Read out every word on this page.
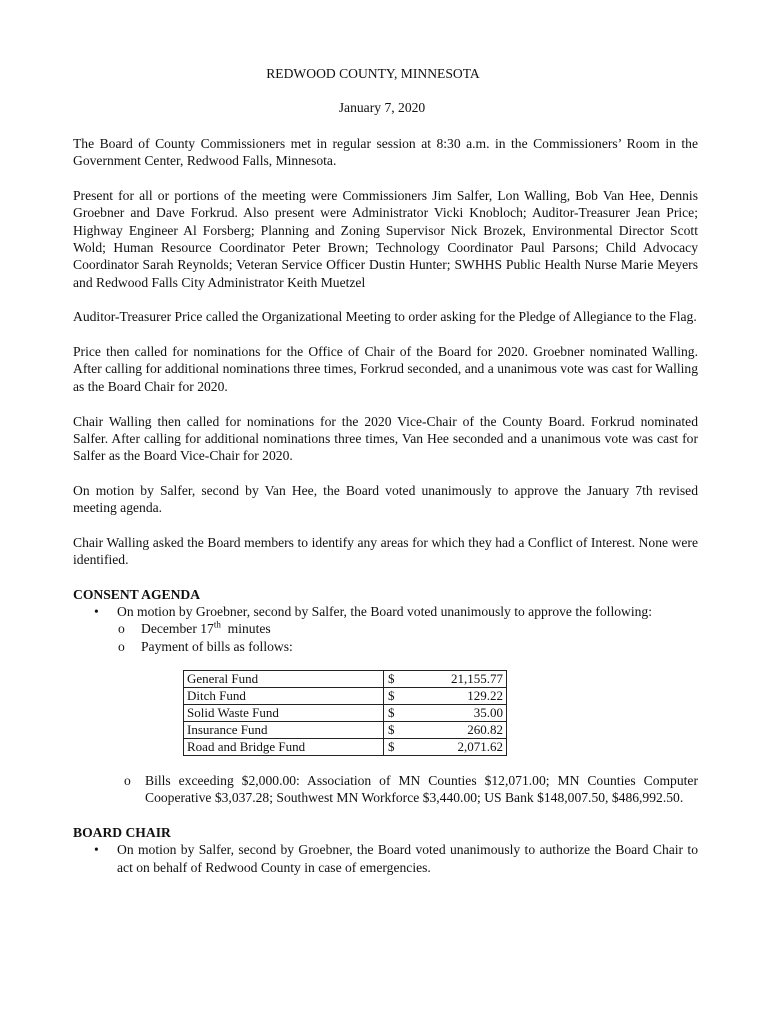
REDWOOD COUNTY, MINNESOTA
January 7, 2020

The Board of County Commissioners met in regular session at 8:30 a.m. in the Commissioners’ Room in the Government Center, Redwood Falls, Minnesota.

Present for all or portions of the meeting were Commissioners Jim Salfer, Lon Walling, Bob Van Hee, Dennis Groebner and Dave Forkrud. Also present were Administrator Vicki Knobloch; Auditor-Treasurer Jean Price; Highway Engineer Al Forsberg; Planning and Zoning Supervisor Nick Brozek, Environmental Director Scott Wold; Human Resource Coordinator Peter Brown; Technology Coordinator Paul Parsons; Child Advocacy Coordinator Sarah Reynolds; Veteran Service Officer Dustin Hunter; SWHHS Public Health Nurse Marie Meyers and Redwood Falls City Administrator Keith Muetzel

Auditor-Treasurer Price called the Organizational Meeting to order asking for the Pledge of Allegiance to the Flag.

Price then called for nominations for the Office of Chair of the Board for 2020. Groebner nominated Walling. After calling for additional nominations three times, Forkrud seconded, and a unanimous vote was cast for Walling as the Board Chair for 2020.

Chair Walling then called for nominations for the 2020 Vice-Chair of the County Board. Forkrud nominated Salfer. After calling for additional nominations three times, Van Hee seconded and a unanimous vote was cast for Salfer as the Board Vice-Chair for 2020.

On motion by Salfer, second by Van Hee, the Board voted unanimously to approve the January 7th revised meeting agenda.

Chair Walling asked the Board members to identify any areas for which they had a Conflict of Interest. None were identified.

CONSENT AGENDA
• On motion by Groebner, second by Salfer, the Board voted unanimously to approve the following:
o December 17th  minutes
o Payment of bills as follows:
General Fund	$ 21,155.77

Ditch Fund	$ 129.22

Solid Waste Fund	$ 35.00

Insurance Fund	$ 260.82

Road and Bridge Fund	$ 2,071.62
o Bills exceeding $2,000.00: Association of MN Counties $12,071.00; MN Counties Computer Cooperative $3,037.28; Southwest MN Workforce $3,440.00; US Bank $148,007.50, $486,992.50.
BOARD CHAIR
• On motion by Salfer, second by Groebner, the Board voted unanimously to authorize the Board Chair to act on behalf of Redwood County in case of emergencies.
